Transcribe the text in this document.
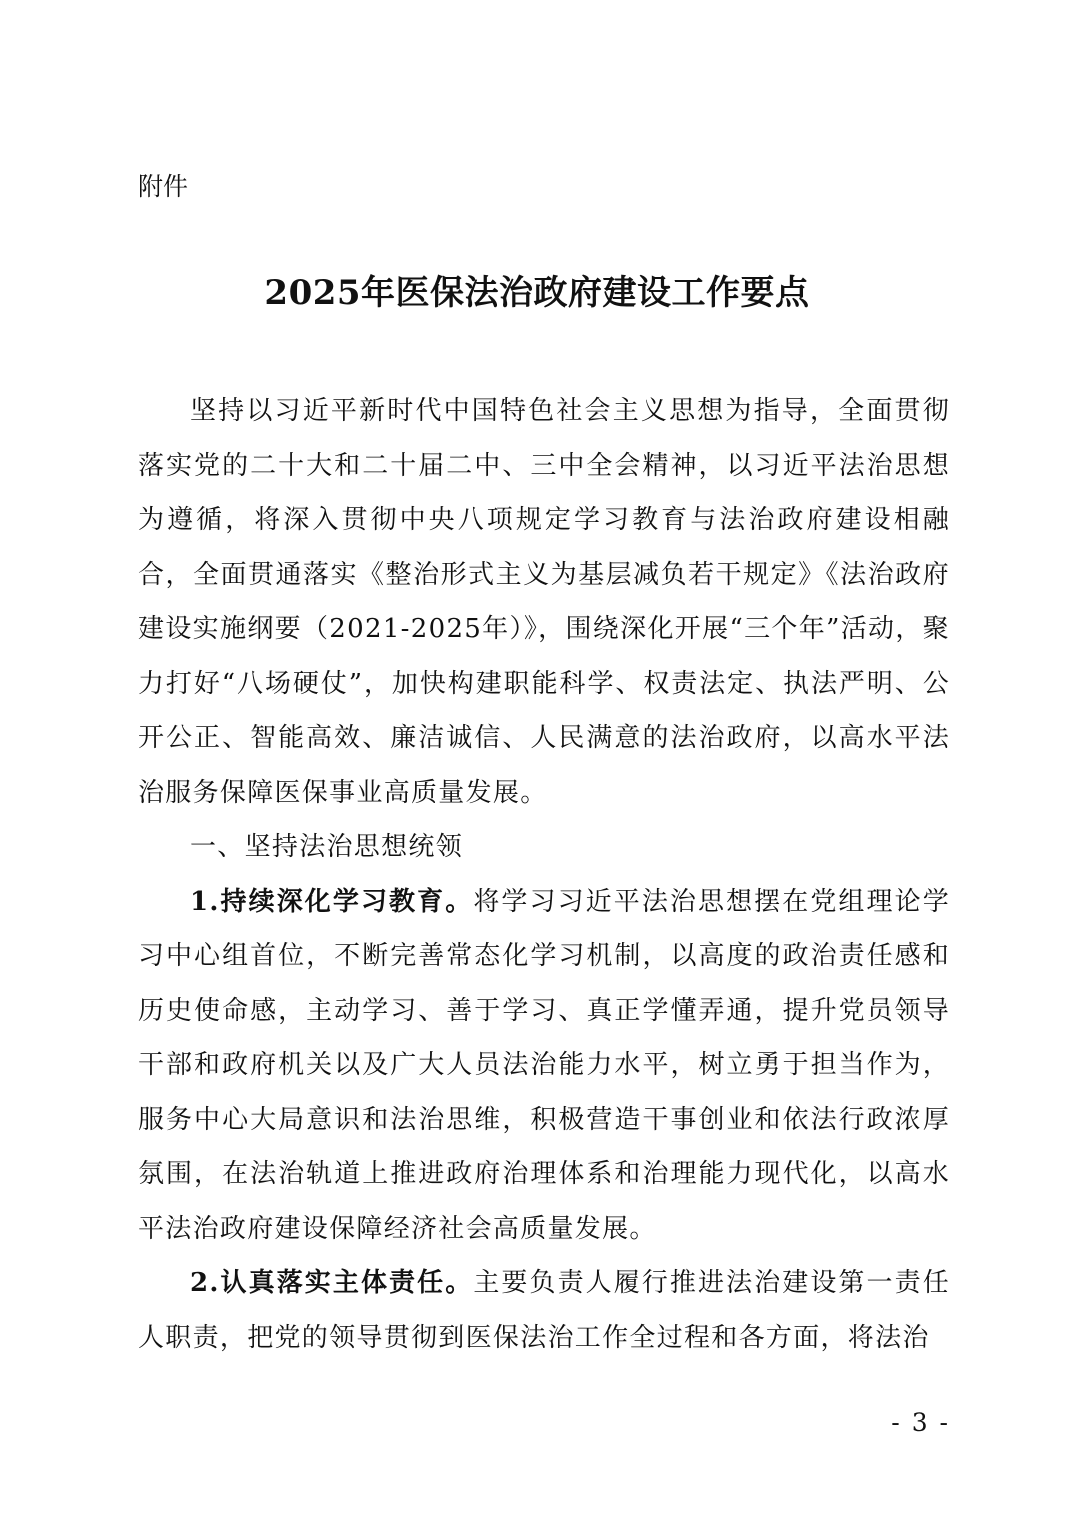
附件
2025年医保法治政府建设工作要点

坚持以习近平新时代中国特色社会主义思想为指导，全面贯彻落实党的二十大和二十届二中、三中全会精神，以习近平法治思想为遵循，将深入贯彻中央八项规定学习教育与法治政府建设相融合，全面贯通落实《整治形式主义为基层减负若干规定》《法治政府建设实施纲要（2021-2025年）》，围绕深化开展“三个年”活动，聚力打好“八场硬仗”，加快构建职能科学、权责法定、执法严明、公开公正、智能高效、廉洁诚信、人民满意的法治政府，以高水平法治服务保障医保事业高质量发展。

一、坚持法治思想统领

1.持续深化学习教育。将学习习近平法治思想摆在党组理论学习中心组首位，不断完善常态化学习机制，以高度的政治责任感和历史使命感，主动学习、善于学习、真正学懂弄通，提升党员领导干部和政府机关以及广大人员法治能力水平，树立勇于担当作为，服务中心大局意识和法治思维，积极营造干事创业和依法行政浓厚氛围，在法治轨道上推进政府治理体系和治理能力现代化，以高水平法治政府建设保障经济社会高质量发展。

2.认真落实主体责任。主要负责人履行推进法治建设第一责任人职责，把党的领导贯彻到医保法治工作全过程和各方面，将法治

- 3 -
